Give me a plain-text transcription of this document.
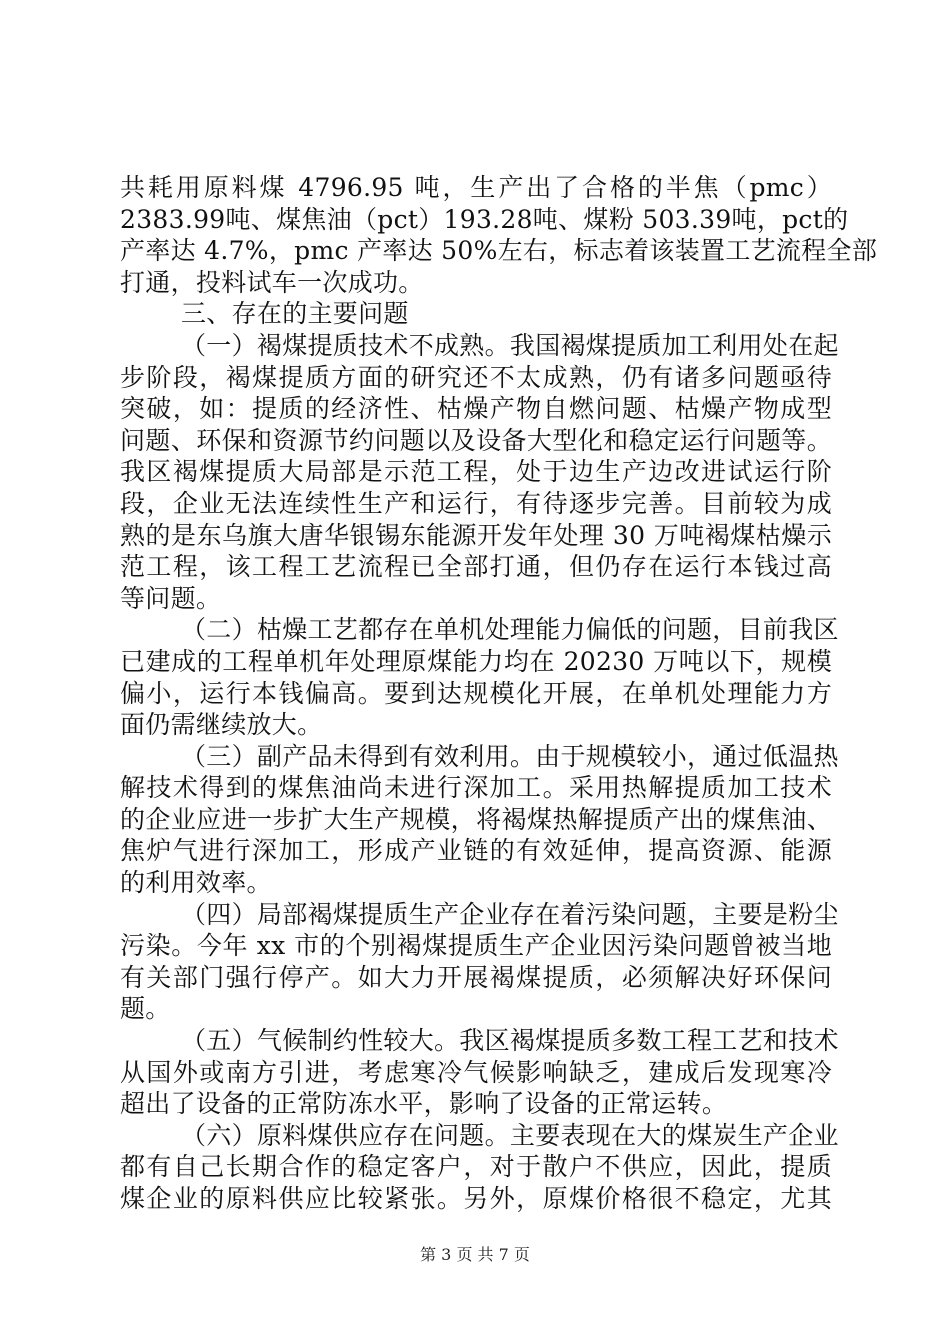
共耗用原料煤 4796.95 吨，生产出了合格的半焦（pmc）
2383.99吨、煤焦油（pct）193.28吨、煤粉 503.39吨，pct的
产率达 4.7%，pmc 产率达 50%左右，标志着该装置工艺流程全部
打通，投料试车一次成功。
三、存在的主要问题
（一）褐煤提质技术不成熟。我国褐煤提质加工利用处在起
步阶段，褐煤提质方面的研究还不太成熟，仍有诸多问题亟待
突破，如：提质的经济性、枯燥产物自燃问题、枯燥产物成型
问题、环保和资源节约问题以及设备大型化和稳定运行问题等。
我区褐煤提质大局部是示范工程，处于边生产边改进试运行阶
段，企业无法连续性生产和运行，有待逐步完善。目前较为成
熟的是东乌旗大唐华银锡东能源开发年处理 30 万吨褐煤枯燥示
范工程，该工程工艺流程已全部打通，但仍存在运行本钱过高
等问题。
（二）枯燥工艺都存在单机处理能力偏低的问题，目前我区
已建成的工程单机年处理原煤能力均在 20230 万吨以下，规模
偏小，运行本钱偏高。要到达规模化开展，在单机处理能力方
面仍需继续放大。
（三）副产品未得到有效利用。由于规模较小，通过低温热
解技术得到的煤焦油尚未进行深加工。采用热解提质加工技术
的企业应进一步扩大生产规模，将褐煤热解提质产出的煤焦油、
焦炉气进行深加工，形成产业链的有效延伸，提高资源、能源
的利用效率。
（四）局部褐煤提质生产企业存在着污染问题，主要是粉尘
污染。今年 xx 市的个别褐煤提质生产企业因污染问题曾被当地
有关部门强行停产。如大力开展褐煤提质，必须解决好环保问
题。
（五）气候制约性较大。我区褐煤提质多数工程工艺和技术
从国外或南方引进，考虑寒冷气候影响缺乏，建成后发现寒冷
超出了设备的正常防冻水平，影响了设备的正常运转。
（六）原料煤供应存在问题。主要表现在大的煤炭生产企业
都有自己长期合作的稳定客户，对于散户不供应，因此，提质
煤企业的原料供应比较紧张。另外，原煤价格很不稳定，尤其
第 3 页 共 7 页
